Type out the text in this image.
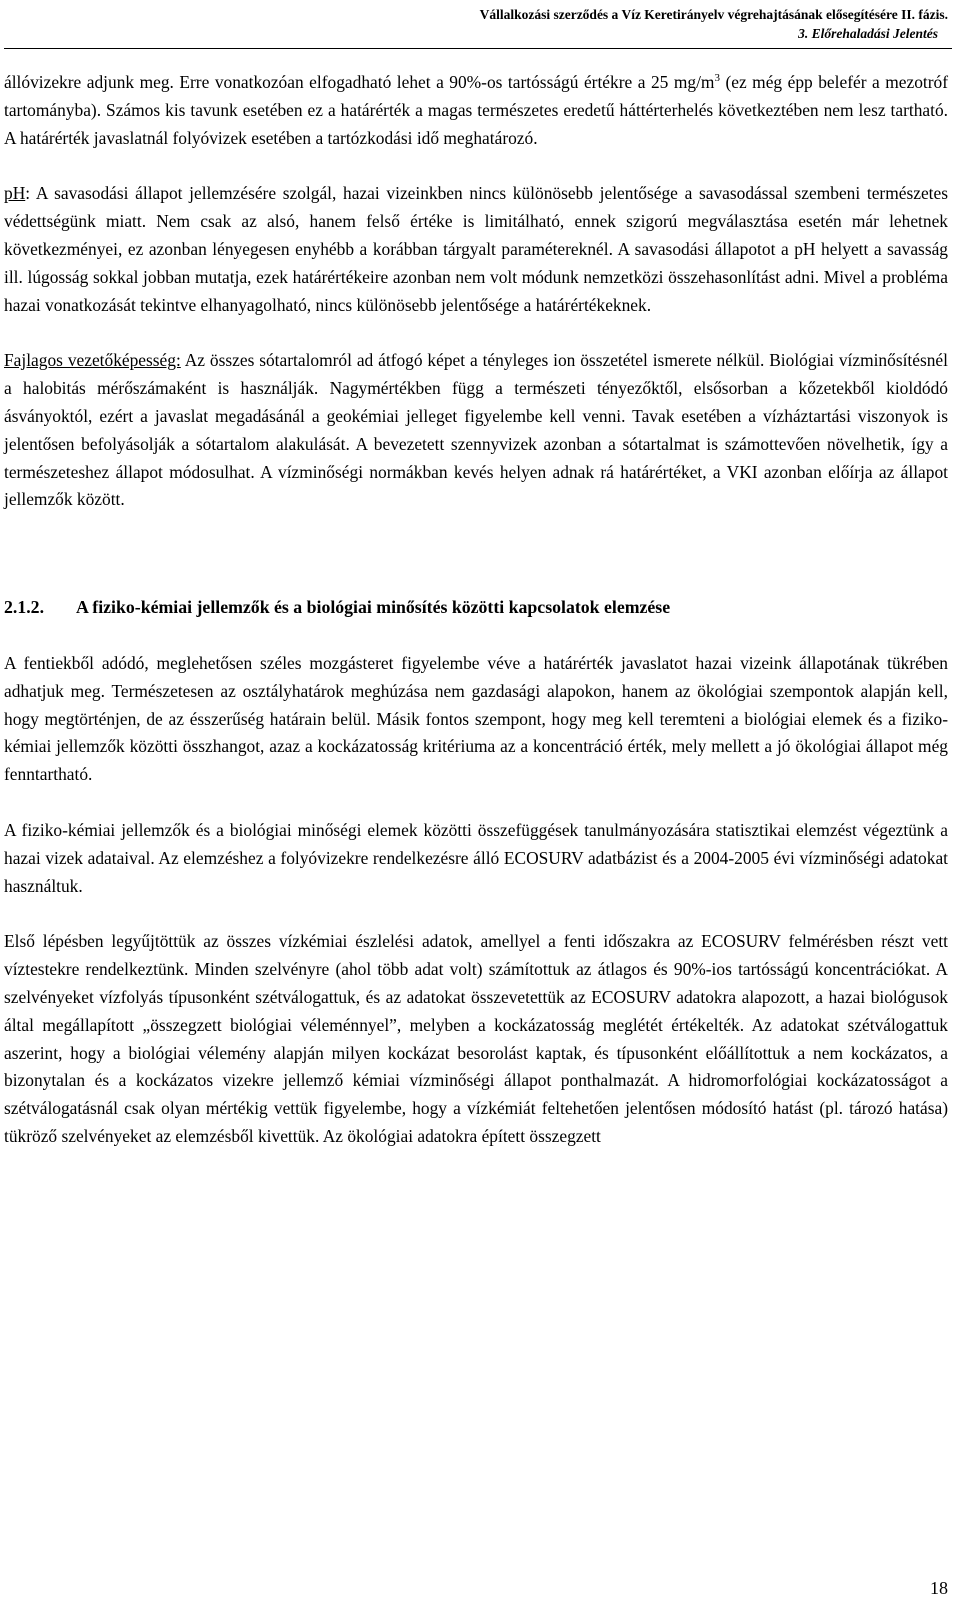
Vállalkozási szerződés a Víz Keretirányelv végrehajtásának elősegítésére II. fázis.
3. Előrehaladási Jelentés

állóvizekre adjunk meg. Erre vonatkozóan elfogadható lehet a 90%-os tartósságú értékre a 25 $mg/m^3$ (ez még épp belefér a mezotróf tartományba). Számos kis tavunk esetében ez a határérték a magas természetes eredetű háttérterhelés következtében nem lesz tartható. A határérték javaslatnál folyóvizek esetében a tartózkodási idő meghatározó.

pH: A savasodási állapot jellemzésére szolgál, hazai vizeinkben nincs különösebb jelentősége a savasodással szembeni természetes védettségünk miatt. Nem csak az alsó, hanem felső értéke is limitálható, ennek szigorú megválasztása esetén már lehetnek következményei, ez azonban lényegesen enyhébb a korábban tárgyalt paramétereknél. A savasodási állapotot a pH helyett a savasság ill. lúgosság sokkal jobban mutatja, ezek határértékeire azonban nem volt módunk nemzetközi összehasonlítást adni. Mivel a probléma hazai vonatkozását tekintve elhanyagolható, nincs különösebb jelentősége a határértékeknek.

Fajlagos vezetőképesség: Az összes sótartalomról ad átfogó képet a tényleges ion összetétel ismerete nélkül. Biológiai vízminősítésnél a halobitás mérőszámaként is használják. Nagymértékben függ a természeti tényezőktől, elsősorban a kőzetekből kioldódó ásványoktól, ezért a javaslat megadásánál a geokémiai jelleget figyelembe kell venni. Tavak esetében a vízháztartási viszonyok is jelentősen befolyásolják a sótartalom alakulását. A bevezetett szennyvizek azonban a sótartalmat is számottevően növelhetik, így a természeteshez állapot módosulhat. A vízminőségi normákban kevés helyen adnak rá határértéket, a VKI azonban előírja az állapot jellemzők között.

2.1.2. A fiziko-kémiai jellemzők és a biológiai minősítés közötti kapcsolatok elemzése

A fentiekből adódó, meglehetősen széles mozgásteret figyelembe véve a határérték javaslatot hazai vizeink állapotának tükrében adhatjuk meg. Természetesen az osztályhatárok meghúzása nem gazdasági alapokon, hanem az ökológiai szempontok alapján kell, hogy megtörténjen, de az ésszerűség határain belül. Másik fontos szempont, hogy meg kell teremteni a biológiai elemek és a fiziko-kémiai jellemzők közötti összhangot, azaz a kockázatosság kritériuma az a koncentráció érték, mely mellett a jó ökológiai állapot még fenntartható.

A fiziko-kémiai jellemzők és a biológiai minőségi elemek közötti összefüggések tanulmányozására statisztikai elemzést végeztünk a hazai vizek adataival. Az elemzéshez a folyóvizekre rendelkezésre álló ECOSURV adatbázist és a 2004-2005 évi vízminőségi adatokat használtuk.

Első lépésben legyűjtöttük az összes vízkémiai észlelési adatok, amellyel a fenti időszakra az ECOSURV felmérésben részt vett víztestekre rendelkeztünk. Minden szelvényre (ahol több adat volt) számítottuk az átlagos és 90%-ios tartósságú koncentrációkat. A szelvényeket vízfolyás típusonként szétválogattuk, és az adatokat összevetettük az ECOSURV adatokra alapozott, a hazai biológusok által megállapított „összegzett biológiai véleménnyel”, melyben a kockázatosság meglétét értékelték. Az adatokat szétválogattuk aszerint, hogy a biológiai vélemény alapján milyen kockázat besorolást kaptak, és típusonként előállítottuk a nem kockázatos, a bizonytalan és a kockázatos vizekre jellemző kémiai vízminőségi állapot ponthalmazát. A hidromorfológiai kockázatosságot a szétválogatásnál csak olyan mértékig vettük figyelembe, hogy a vízkémiát feltehetően jelentősen módosító hatást (pl. tározó hatása) tükröző szelvényeket az elemzésből kivettük. Az ökológiai adatokra épített összegzett

18
